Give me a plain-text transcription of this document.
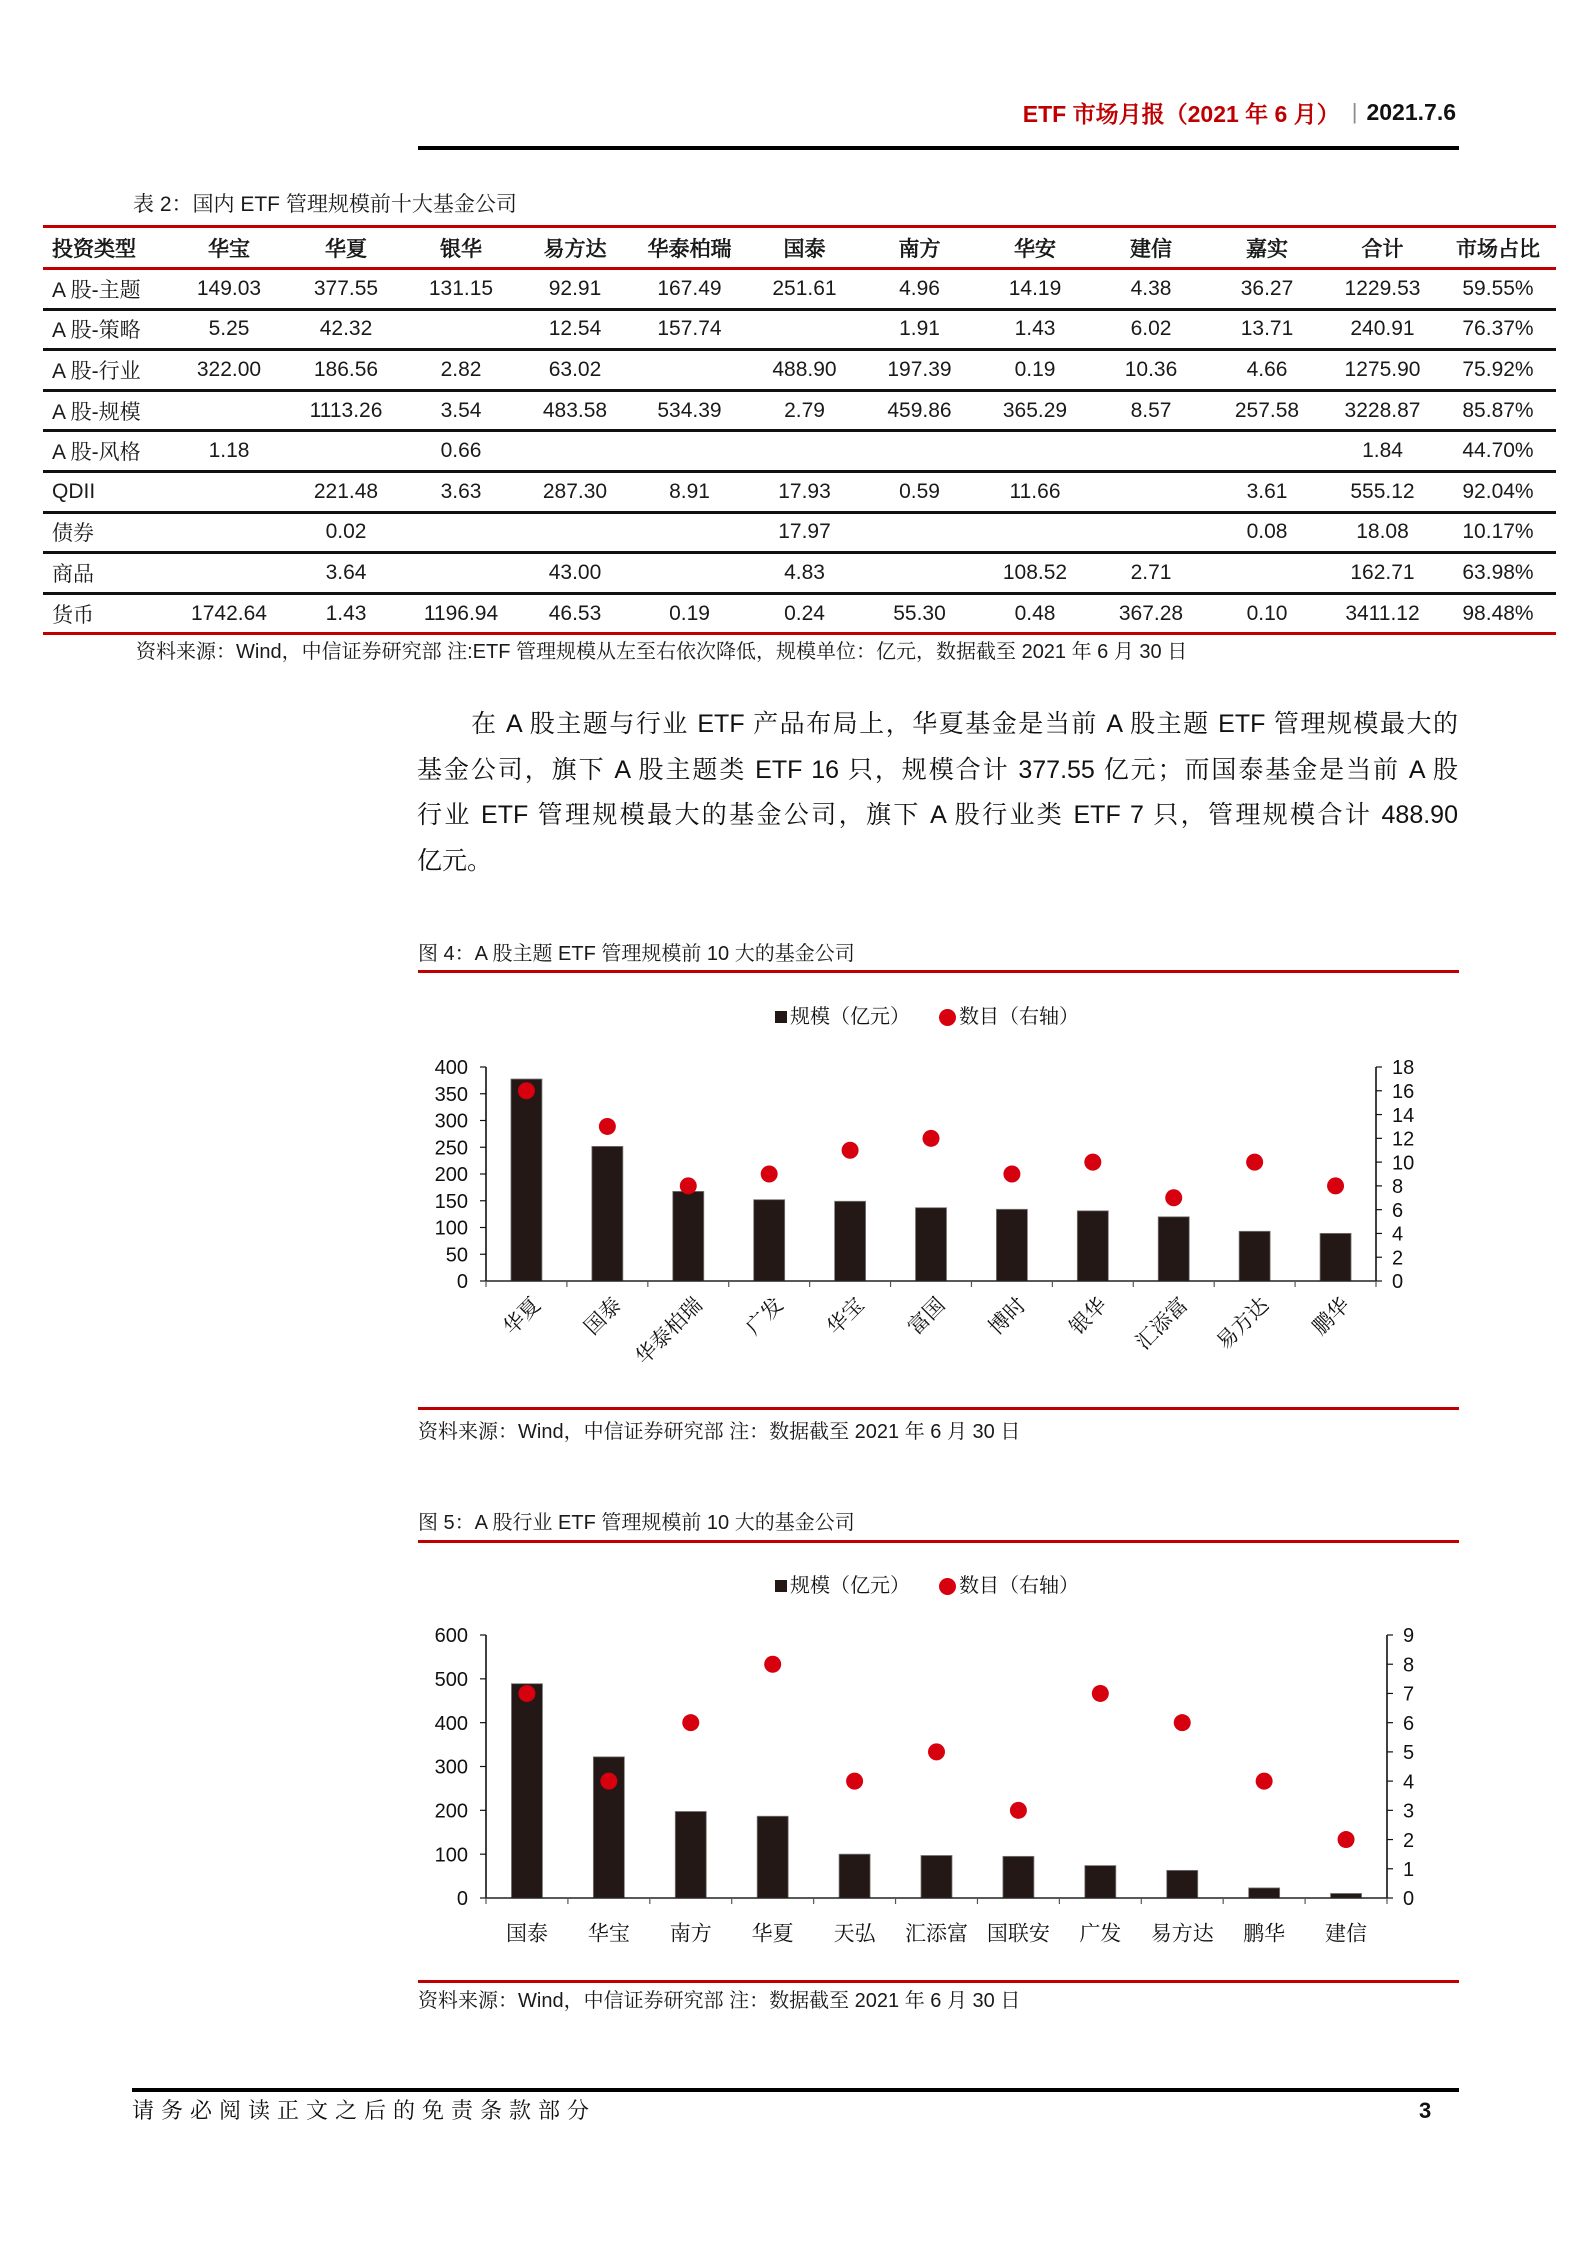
ETF 市场月报（2021 年 6 月） | 2021.7.6
表 2：国内 ETF 管理规模前十大基金公司
投资类型	华宝	华夏	银华	易方达	华泰柏瑞	国泰	南方	华安	建信	嘉实	合计	市场占比
A 股-主题	149.03	377.55	131.15	92.91	167.49	251.61	4.96	14.19	4.38	36.27	1229.53	59.55%
A 股-策略	5.25	42.32		12.54	157.74		1.91	1.43	6.02	13.71	240.91	76.37%
A 股-行业	322.00	186.56	2.82	63.02		488.90	197.39	0.19	10.36	4.66	1275.90	75.92%
A 股-规模		1113.26	3.54	483.58	534.39	2.79	459.86	365.29	8.57	257.58	3228.87	85.87%
A 股-风格	1.18		0.66								1.84	44.70%
QDII		221.48	3.63	287.30	8.91	17.93	0.59	11.66		3.61	555.12	92.04%
债券		0.02				17.97				0.08	18.08	10.17%
商品		3.64		43.00		4.83		108.52	2.71		162.71	63.98%
货币	1742.64	1.43	1196.94	46.53	0.19	0.24	55.30	0.48	367.28	0.10	3411.12	98.48%
资料来源：Wind，中信证券研究部 注:ETF 管理规模从左至右依次降低，规模单位：亿元，数据截至 2021 年 6 月 30 日
在 A 股主题与行业 ETF 产品布局上，华夏基金是当前 A 股主题 ETF 管理规模最大的
基金公司，旗下 A 股主题类 ETF 16 只，规模合计 377.55 亿元；而国泰基金是当前 A 股
行业 ETF 管理规模最大的基金公司，旗下 A 股行业类 ETF 7 只，管理规模合计 488.90
亿元。
图 4：A 股主题 ETF 管理规模前 10 大的基金公司
规模（亿元） 数目（右轴）
资料来源：Wind，中信证券研究部 注：数据截至 2021 年 6 月 30 日
图 5：A 股行业 ETF 管理规模前 10 大的基金公司
规模（亿元） 数目（右轴）
资料来源：Wind，中信证券研究部 注：数据截至 2021 年 6 月 30 日
0
50
100
150
200
250
300
350
400
0
2
4
6
8
10
12
14
16
18
华夏 国泰 华泰柏瑞 广发 华宝 富国 博时 银华 汇添富 易方达 鹏华
0
100
200
300
400
500
600
0
1
2
3
4
5
6
7
8
9
国泰 华宝 南方 华夏 天弘 汇添富 国联安 广发 易方达 鹏华 建信
请务必阅读正文之后的免责条款部分	3
